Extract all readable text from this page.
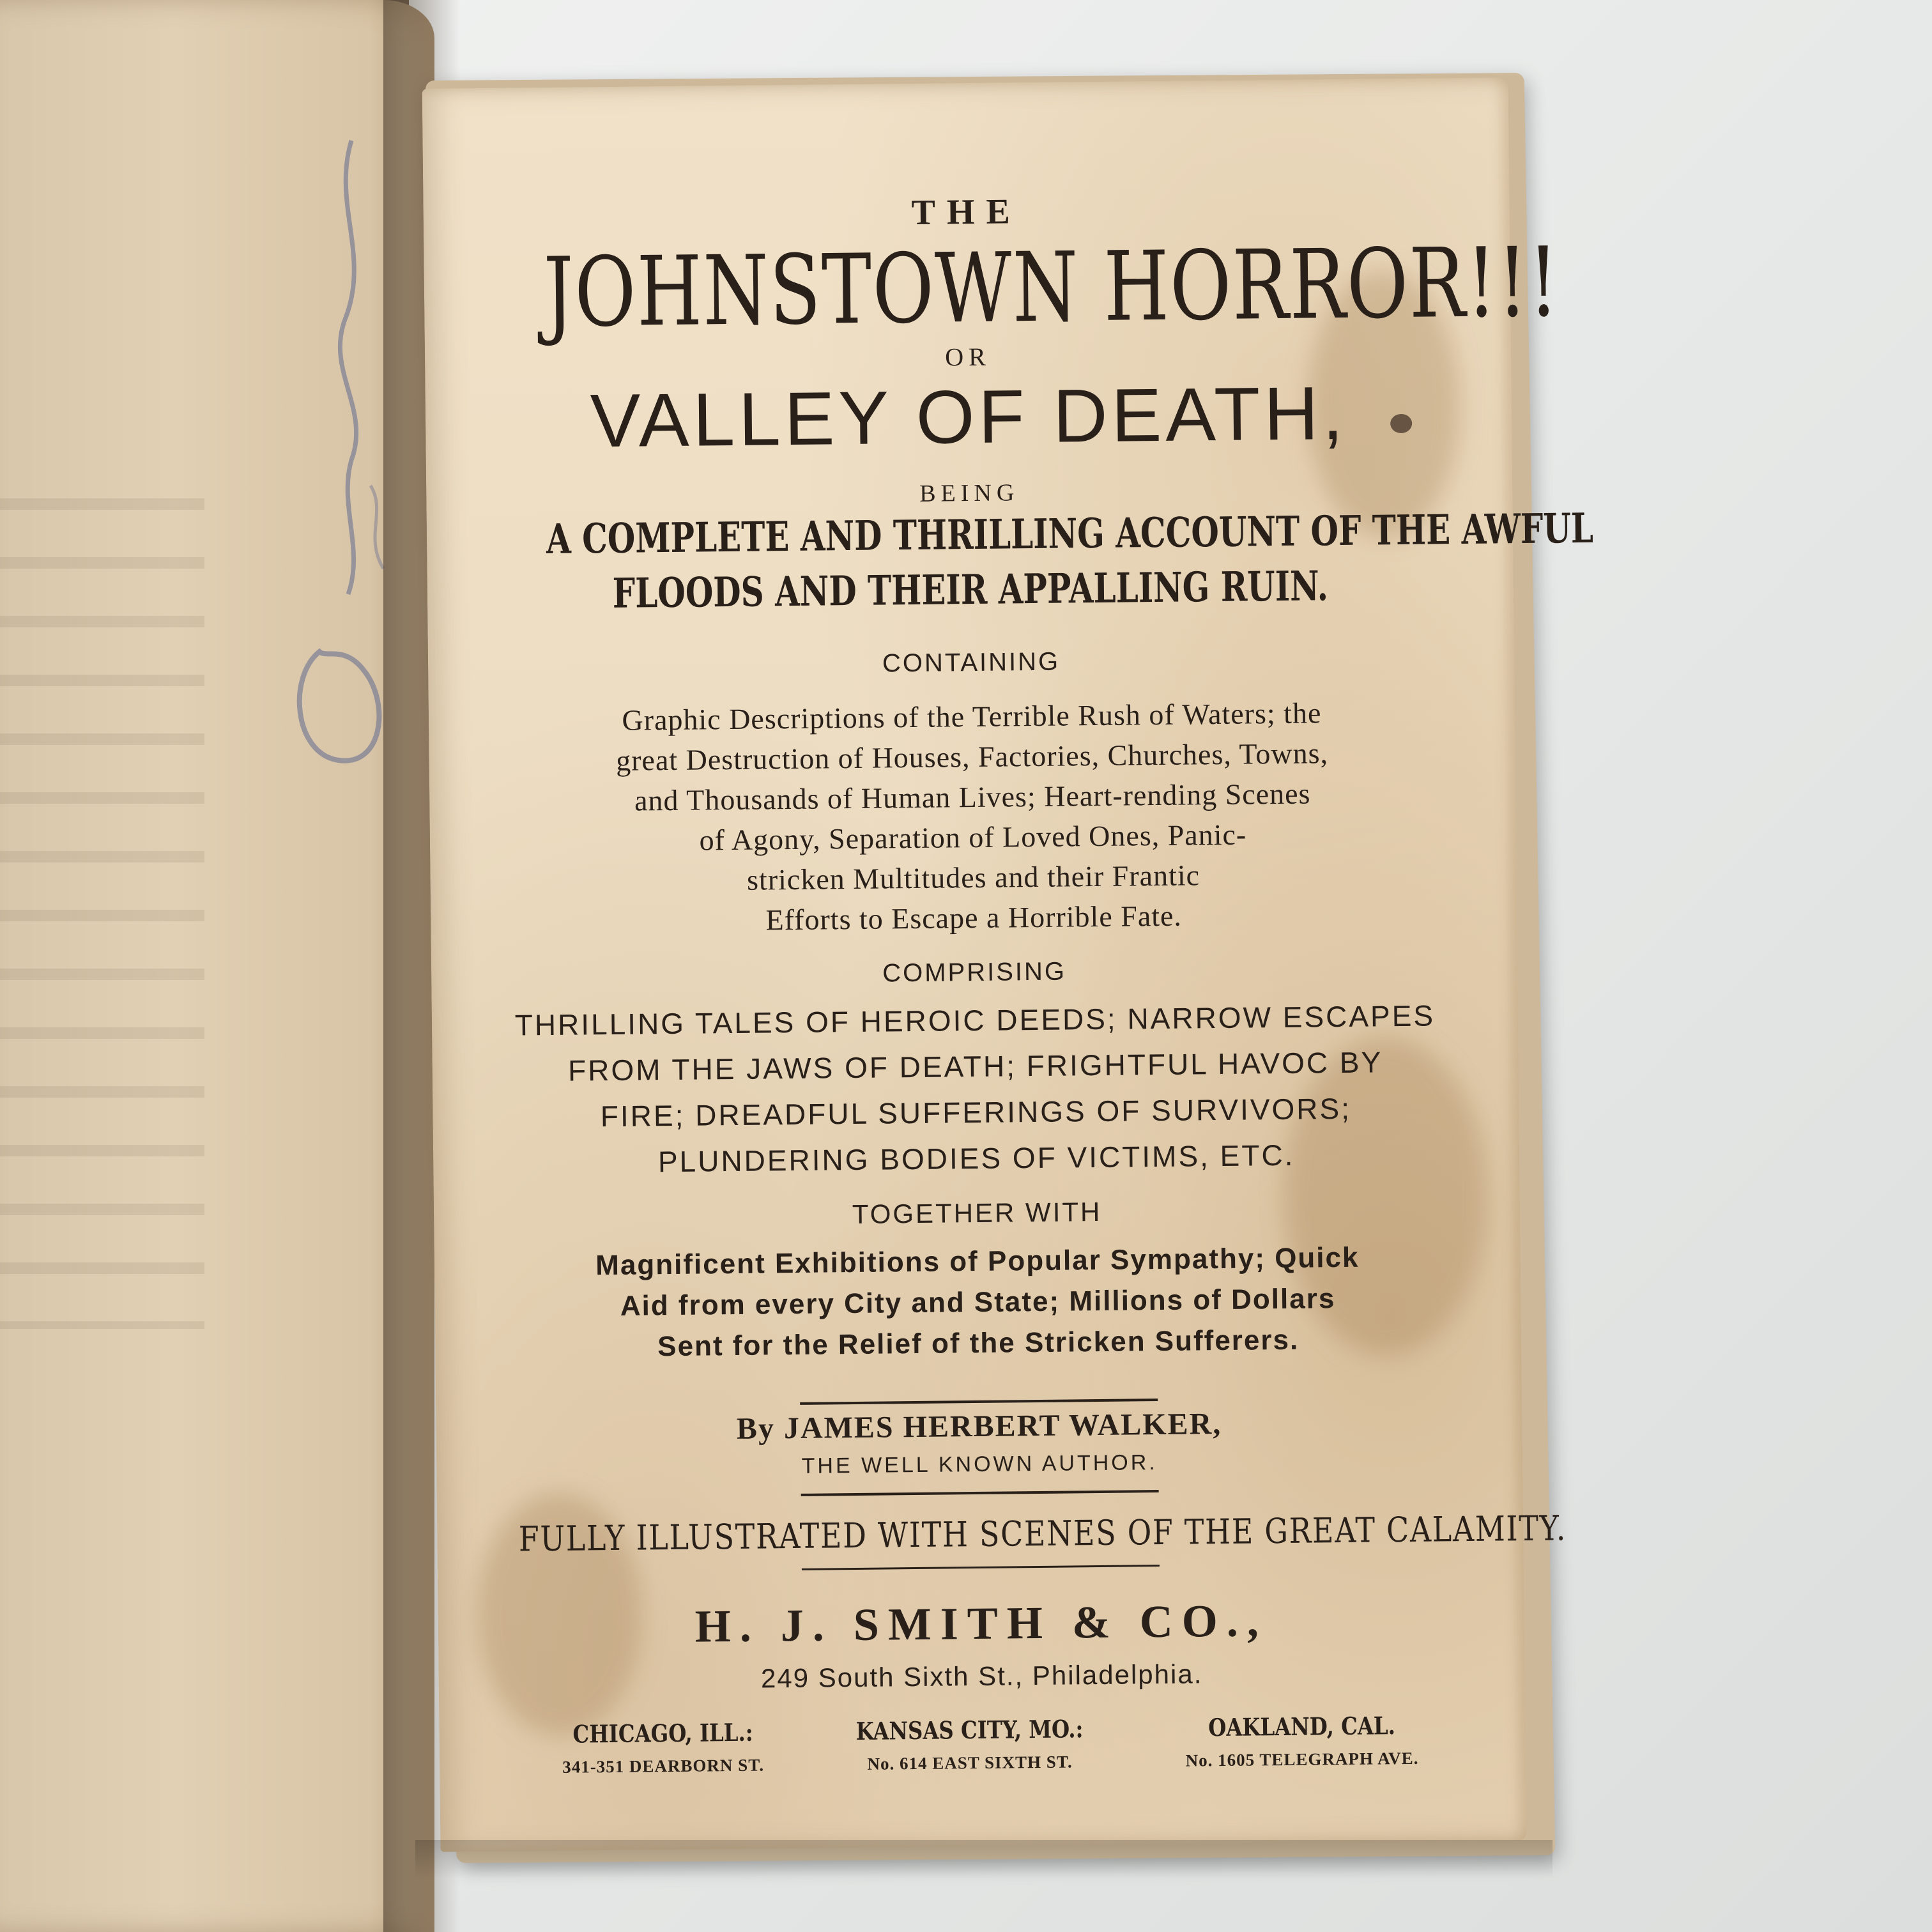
THE
JOHNSTOWN HORROR!!!
OR
VALLEY OF DEATH,
BEING
A COMPLETE AND THRILLING ACCOUNT OF THE AWFUL
FLOODS AND THEIR APPALLING RUIN.
CONTAINING
Graphic Descriptions of the Terrible Rush of Waters; the
great Destruction of Houses, Factories, Churches, Towns,
and Thousands of Human Lives; Heart-rending Scenes
of Agony, Separation of Loved Ones, Panic-
stricken Multitudes and their Frantic
Efforts to Escape a Horrible Fate.
COMPRISING
THRILLING TALES OF HEROIC DEEDS; NARROW ESCAPES
FROM THE JAWS OF DEATH; FRIGHTFUL HAVOC BY
FIRE; DREADFUL SUFFERINGS OF SURVIVORS;
PLUNDERING BODIES OF VICTIMS, ETC.
TOGETHER WITH
Magnificent Exhibitions of Popular Sympathy; Quick
Aid from every City and State; Millions of Dollars
Sent for the Relief of the Stricken Sufferers.
By JAMES HERBERT WALKER,
THE WELL KNOWN AUTHOR.
FULLY ILLUSTRATED WITH SCENES OF THE GREAT CALAMITY.
H. J. SMITH & CO.,
249 South Sixth St., Philadelphia.
CHICAGO, ILL.:
341-351 DEARBORN ST.
KANSAS CITY, MO.:
No. 614 EAST SIXTH ST.
OAKLAND, CAL.
No. 1605 TELEGRAPH AVE.
